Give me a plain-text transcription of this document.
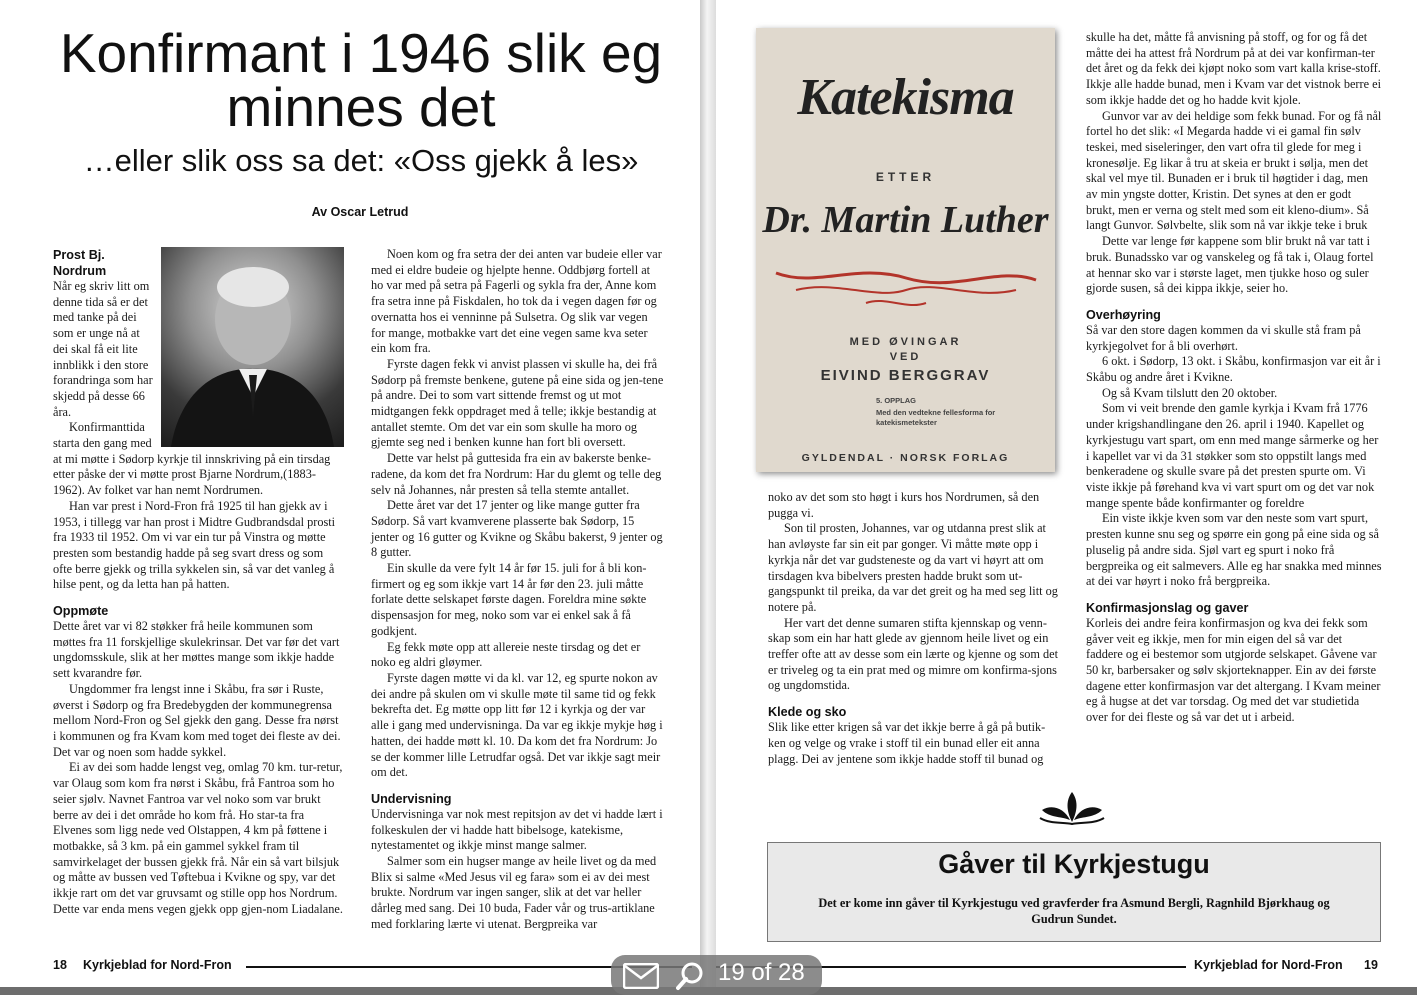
Konfirmant i 1946 slik eg minnes det
…eller slik oss sa det: «Oss gjekk å les»
Av Oscar Letrud
Prost Bj. Nordrum

Når eg skriv litt om denne tida så er det med tanke på dei som er unge nå at dei skal få eit lite innblikk i den store forandringa som har skjedd på desse 66 åra.

Konfirmanttida starta den gang med at mi møtte i Sødorp kyrkje til innskriving på ein tirsdag etter påske der vi møtte prost Bjarne Nordrum,(1883-1962). Av folket var han nemt Nordrumen.

Han var prest i Nord-Fron frå 1925 til han gjekk av i 1953, i tillegg var han prost i Midtre Gudbrandsdal prosti fra 1933 til 1952. Om vi var ein tur på Vinstra og møtte presten som bestandig hadde på seg svart dress og som ofte berre gjekk og trilla sykkelen sin, så var det vanleg å hilse pent, og da letta han på hatten.

Oppmøte

Dette året var vi 82 støkker frå heile kommunen som møttes fra 11 forskjellige skulekrinsar. Det var før det vart ungdomsskule, slik at her møttes mange som ikkje hadde sett kvarandre før.

Ungdommer fra lengst inne i Skåbu, fra sør i Ruste, øverst i Sødorp og fra Bredebygden der kommunegrensa mellom Nord-Fron og Sel gjekk den gang. Desse fra nørst i kommunen og fra Kvam kom med toget dei fleste av dei. Det var og noen som hadde sykkel.

Ei av dei som hadde lengst veg, omlag 70 km. tur-retur, var Olaug som kom fra nørst i Skåbu, frå Fantroa som ho seier sjølv. Navnet Fantroa var vel noko som var brukt berre av dei i det område ho kom frå. Ho star-ta fra Elvenes som ligg nede ved Olstappen, 4 km på føttene i motbakke, så 3 km. på ein gammel sykkel fram til samvirkelaget der bussen gjekk frå. Når ein så vart bilsjuk og måtte av bussen ved Tøftebua i Kvikne og spy, var det ikkje rart om det var gruvsamt og stille opp hos Nordrum. Dette var enda mens vegen gjekk opp gjen-nom Liadalane.

Noen kom og fra setra der dei anten var budeie eller var med ei eldre budeie og hjelpte henne. Oddbjørg fortell at ho var med på setra på Fagerli og sykla fra der, Anne kom fra setra inne på Fiskdalen, ho tok da i vegen dagen før og overnatta hos ei venninne på Sulsetra. Og slik var vegen for mange, motbakke vart det eine vegen same kva seter ein kom fra.

Fyrste dagen fekk vi anvist plassen vi skulle ha, dei frå Sødorp på fremste benkene, gutene på eine sida og jen-tene på andre. Dei to som vart sittende fremst og ut mot midtgangen fekk oppdraget med å telle; ikkje bestandig at antallet stemte. Om det var ein som skulle ha moro og gjemte seg ned i benken kunne han fort bli oversett.

Dette var helst på guttesida fra ein av bakerste benke-radene, da kom det fra Nordrum: Har du glemt og telle deg selv nå Johannes, når presten så tella stemte antallet.

Dette året var det 17 jenter og like mange gutter fra Sødorp. Så vart kvamverene plasserte bak Sødorp, 15 jenter og 16 gutter og Kvikne og Skåbu bakerst, 9 jenter og 8 gutter.

Ein skulle da vere fylt 14 år før 15. juli for å bli kon-firmert og eg som ikkje vart 14 år før den 23. juli måtte forlate dette selskapet første dagen. Foreldra mine søkte dispensasjon for meg, noko som var ei enkel sak å få godkjent.

Eg fekk møte opp att allereie neste tirsdag og det er noko eg aldri gløymer.

Fyrste dagen møtte vi da kl. var 12, eg spurte nokon av dei andre på skulen om vi skulle møte til same tid og fekk bekrefta det. Eg møtte opp litt før 12 i kyrkja og der var alle i gang med undervisninga. Da var eg ikkje mykje høg i hatten, dei hadde møtt kl. 10. Da kom det fra Nordrum: Jo se der kommer lille Letrudfar også. Det var ikkje sagt meir om det.

Undervisning

Undervisninga var nok mest repitsjon av det vi hadde lært i folkeskulen der vi hadde hatt bibelsoge, katekisme, nytestamentet og ikkje minst mange salmer.

Salmer som ein hugser mange av heile livet og da med Blix si salme «Med Jesus vil eg fara» som ei av dei mest brukte. Nordrum var ingen sanger, slik at det var heller dårleg med sang. Dei 10 buda, Fader vår og trus-artiklane med forklaring lærte vi utenat. Bergpreika var

18 Kyrkjeblad for Nord-Fron
Katekisma
ETTER
Dr. Martin Luther
MED ØVINGAR
VED
EIVIND BERGGRAV
5. OPPLAG
Med den vedtekne fellesforma for katekismetekster
GYLDENDAL · NORSK FORLAG

noko av det som sto høgt i kurs hos Nordrumen, så den puggа vi.

Son til prosten, Johannes, var og utdanna prest slik at han avløyste far sin eit par gonger. Vi måtte møte opp i kyrkja når det var gudsteneste og da vart vi høyrt att om tirsdagen kva bibelvers presten hadde brukt som ut-gangspunkt til preika, da var det greit og ha med seg litt og notere på.

Her vart det denne sumaren stifta kjennskap og venn-skap som ein har hatt glede av gjennom heile livet og ein treffer ofte att av desse som ein lærte og kjenne og som det er triveleg og ta ein prat med og mimre om konfirma-sjons og ungdomstida.

Klede og sko

Slik like etter krigen så var det ikkje berre å gå på butik-ken og velge og vrake i stoff til ein bunad eller eit anna plagg. Dei av jentene som ikkje hadde stoff til bunad og

skulle ha det, måtte få anvisning på stoff, og for og få det måtte dei ha attest frå Nordrum på at dei var konfirman-ter det året og da fekk dei kjøpt noko som vart kalla krise-stoff. Ikkje alle hadde bunad, men i Kvam var det vistnok berre ei som ikkje hadde det og ho hadde kvit kjole.

Gunvor var av dei heldige som fekk bunad. For og få nål fortel ho det slik: «I Megarda hadde vi ei gamal fin sølv teskei, med siseleringer, den vart ofra til glede for meg i kronesølje. Eg likar å tru at skeia er brukt i søljа, men det skal vel mye til. Bunaden er i bruk til høgtider i dag, men av min yngste dotter, Kristin. Det synes at den er godt brukt, men er verna og stelt med som eit kleno-dium». Så langt Gunvor. Sølvbelte, slik som nå var ikkje teke i bruk

Dette var lenge før kappene som blir brukt nå var tatt i bruk. Bunadssko var og vanskeleg og få tak i, Olaug fortel at hennar sko var i største laget, men tjukke hoso og suler gjorde susen, så dei kippa ikkje, seier ho.

Overhøyring

Så var den store dagen kommen da vi skulle stå fram på kyrkjegolvet for å bli overhørt.

6 okt. i Sødorp, 13 okt. i Skåbu, konfirmasjon var eit år i Skåbu og andre året i Kvikne.

Og så Kvam tilslutt den 20 oktober.

Som vi veit brende den gamle kyrkja i Kvam frå 1776 under krigshandlingane den 26. april i 1940. Kapellet og kyrkjestugu vart spart, om enn med mange sårmerke og her i kapellet var vi da 31 støkker som sto oppstilt langs med benkeradene og skulle svare på det presten spurte om. Vi viste ikkje på førehand kva vi vart spurt om og det var nok mange spente både konfirmanter og foreldre

Ein viste ikkje kven som var den neste som vart spurt, presten kunne snu seg og spørre ein gong på eine sida og så pluselig på andre sida. Sjøl vart eg spurt i noko frå bergpreika og eit salmevers. Alle eg har snakka med minnes at dei var høyrt i noko frå bergpreika.

Konfirmasjonslag og gaver

Korleis dei andre feira konfirmasjon og kva dei fekk som gåver veit eg ikkje, men for min eigen del så var det faddere og ei bestemor som utgjorde selskapet. Gåvene var 50 kr, barbersaker og sølv skjorteknapper. Ein av dei første dagene etter konfirmasjon var det altergang. I Kvam meiner eg å hugse at det var torsdag. Og med det var studietida over for dei fleste og så var det ut i arbeid.

Gåver til Kyrkjestugu
Det er kome inn gåver til Kyrkjestugu ved gravferder fra Asmund Bergli, Ragnhild Bjørkhaug og Gudrun Sundet.
Kyrkjeblad for Nord-Fron 19
19 of 28
